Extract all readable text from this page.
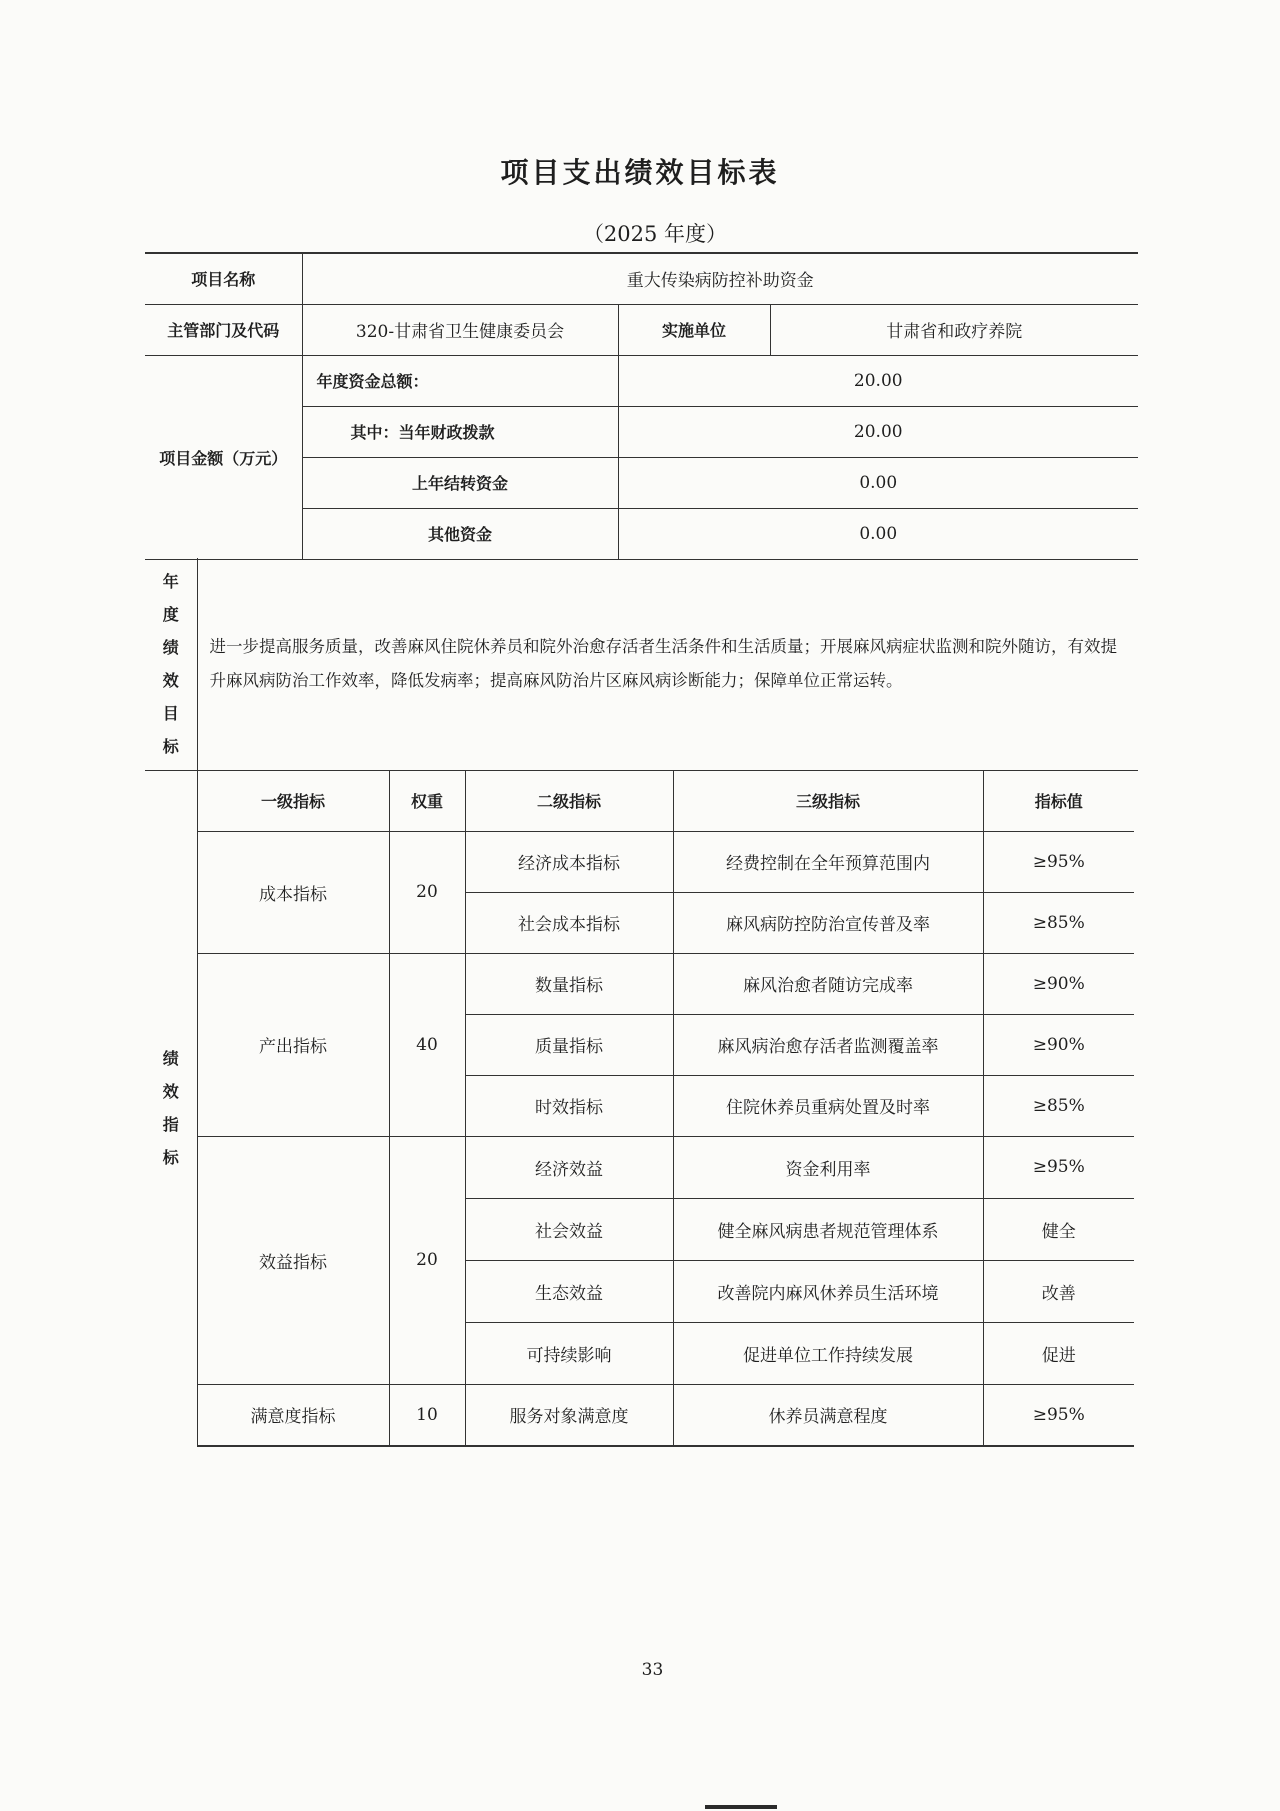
项目支出绩效目标表
（2025 年度）
项目名称	重大传染病防控补助资金		
主管部门及代码	320-甘肃省卫生健康委员会	实施单位	甘肃省和政疗养院
项目金额（万元）	年度资金总额：	20.00	
	其中：当年财政拨款	20.00	
	上年结转资金	0.00	
	其他资金	0.00	
年
度
绩
效
目
标	进一步提高服务质量，改善麻风住院休养员和院外治愈存活者生活条件和生活质量；开展麻风病症状监测和院外随访，有效提升麻风病防治工作效率，降低发病率；提高麻风防治片区麻风病诊断能力；保障单位正常运转。
绩
效
指
标	一级指标	权重	二级指标	三级指标	指标值
	成本指标	20	经济成本指标	经费控制在全年预算范围内	≥95%
			社会成本指标	麻风病防控防治宣传普及率	≥85%
	产出指标	40	数量指标	麻风治愈者随访完成率	≥90%
			质量指标	麻风病治愈存活者监测覆盖率	≥90%
			时效指标	住院休养员重病处置及时率	≥85%
	效益指标	20	经济效益	资金利用率	≥95%
			社会效益	健全麻风病患者规范管理体系	健全
			生态效益	改善院内麻风休养员生活环境	改善
			可持续影响	促进单位工作持续发展	促进
	满意度指标	10	服务对象满意度	休养员满意程度	≥95%
33
